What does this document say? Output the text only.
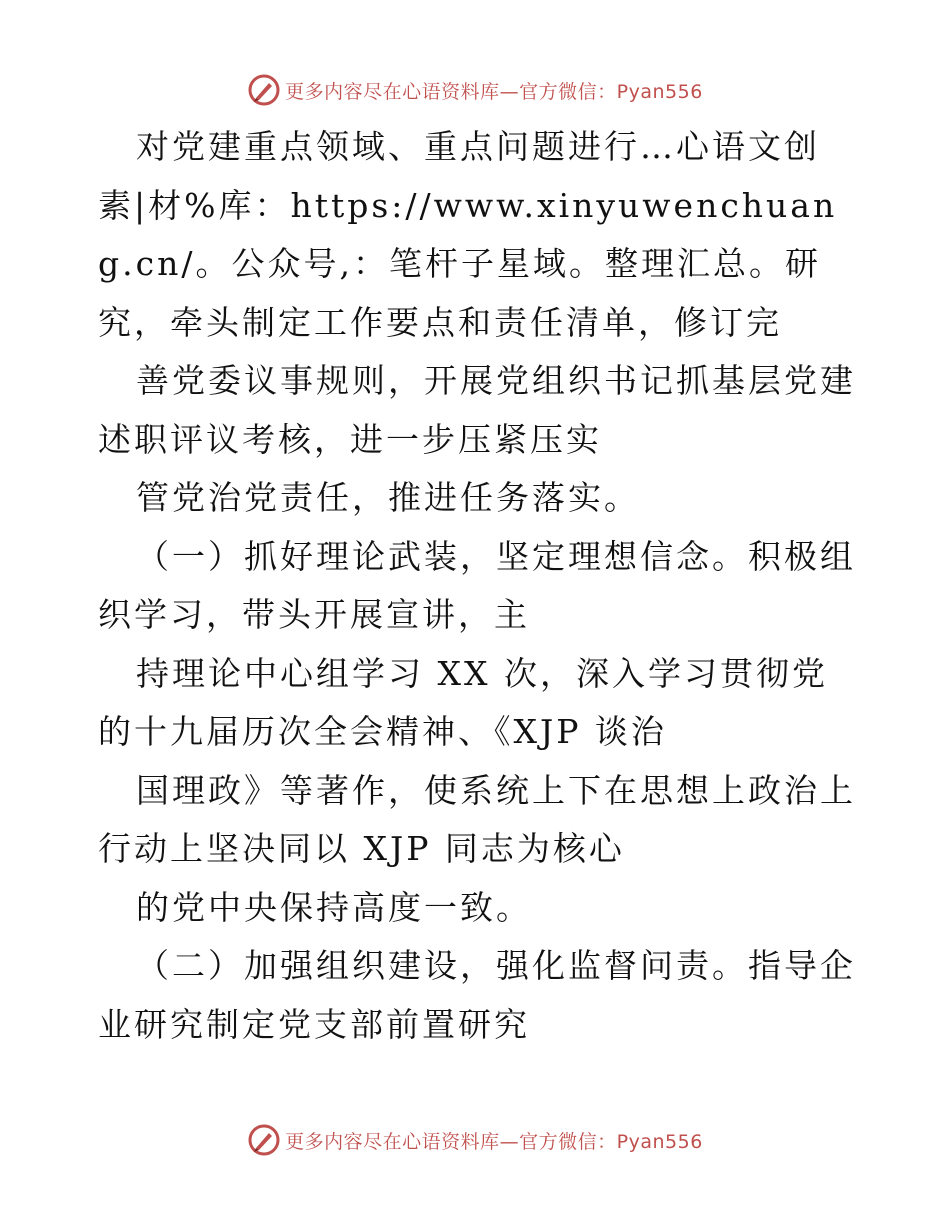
更多内容尽在心语资料库—官方微信：Pyan556

对党建重点领域、重点问题进行…心语文创素|材%库：https://www.xinyuwenchuang.cn/。公众号,：笔杆子星域。整理汇总。研究，牵头制定工作要点和责任清单，修订完

善党委议事规则，开展党组织书记抓基层党建述职评议考核，进一步压紧压实

管党治党责任，推进任务落实。

（一）抓好理论武装，坚定理想信念。积极组织学习，带头开展宣讲，主

持理论中心组学习 XX 次，深入学习贯彻党的十九届历次全会精神、《XJP 谈治

国理政》等著作，使系统上下在思想上政治上行动上坚决同以 XJP 同志为核心

的党中央保持高度一致。

（二）加强组织建设，强化监督问责。指导企业研究制定党支部前置研究

更多内容尽在心语资料库—官方微信：Pyan556
